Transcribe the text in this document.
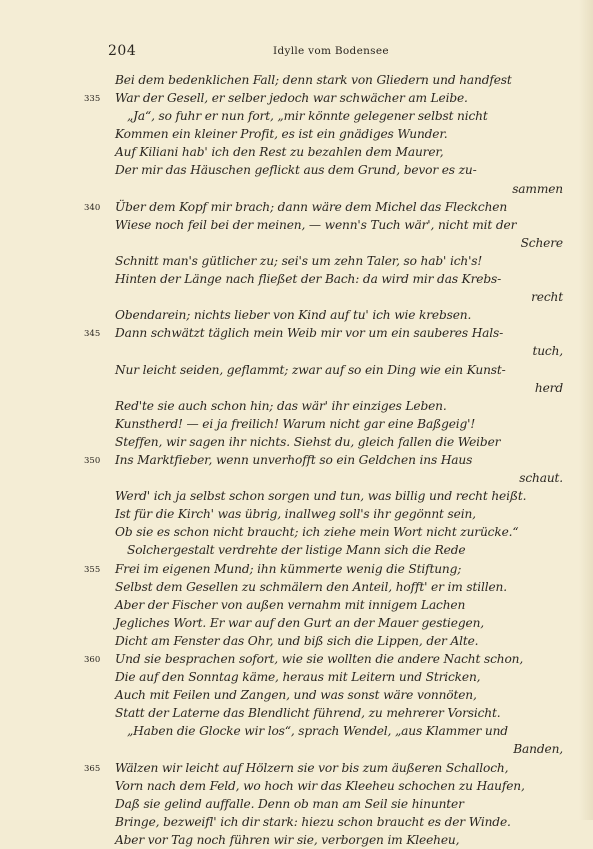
204	Idylle vom Bodensee
Bei dem bedenklichen Fall; denn stark von Gliedern und handfest
335 War der Gesell, er selber jedoch war schwächer am Leibe.
„Ja“, so fuhr er nun fort, „mir könnte gelegener selbst nicht
Kommen ein kleiner Profit, es ist ein gnädiges Wunder.
Auf Kiliani hab' ich den Rest zu bezahlen dem Maurer,
Der mir das Häuschen geflickt aus dem Grund, bevor es zu-
sammen
340 Über dem Kopf mir brach; dann wäre dem Michel das Fleckchen
Wiese noch feil bei der meinen, — wenn's Tuch wär', nicht mit der
Schere
Schnitt man's gütlicher zu; sei's um zehn Taler, so hab' ich's!
Hinten der Länge nach fließet der Bach: da wird mir das Krebs-
recht
Obendarein; nichts lieber von Kind auf tu' ich wie krebsen.
345 Dann schwätzt täglich mein Weib mir vor um ein sauberes Hals-
tuch,
Nur leicht seiden, geflammt; zwar auf so ein Ding wie ein Kunst-
herd
Red'te sie auch schon hin; das wär' ihr einziges Leben.
Kunstherd! — ei ja freilich! Warum nicht gar eine Baßgeig'!
Steffen, wir sagen ihr nichts. Siehst du, gleich fallen die Weiber
350 Ins Marktfieber, wenn unverhofft so ein Geldchen ins Haus
schaut.
Werd' ich ja selbst schon sorgen und tun, was billig und recht heißt.
Ist für die Kirch' was übrig, inallweg soll's ihr gegönnt sein,
Ob sie es schon nicht braucht; ich ziehe mein Wort nicht zurücke.“
Solchergestalt verdrehte der listige Mann sich die Rede
355 Frei im eigenen Mund; ihn kümmerte wenig die Stiftung;
Selbst dem Gesellen zu schmälern den Anteil, hofft' er im stillen.
Aber der Fischer von außen vernahm mit innigem Lachen
Jegliches Wort. Er war auf den Gurt an der Mauer gestiegen,
Dicht am Fenster das Ohr, und biß sich die Lippen, der Alte.
360 Und sie besprachen sofort, wie sie wollten die andere Nacht schon,
Die auf den Sonntag käme, heraus mit Leitern und Stricken,
Auch mit Feilen und Zangen, und was sonst wäre vonnöten,
Statt der Laterne das Blendlicht führend, zu mehrerer Vorsicht.
„Haben die Glocke wir los“, sprach Wendel, „aus Klammer und
Banden,
365 Wälzen wir leicht auf Hölzern sie vor bis zum äußeren Schalloch,
Vorn nach dem Feld, wo hoch wir das Kleeheu schochen zu Haufen,
Daß sie gelind auffalle. Denn ob man am Seil sie hinunter
Bringe, bezweifl' ich dir stark: hiezu schon braucht es der Winde.
Aber vor Tag noch führen wir sie, verborgen im Kleeheu,
